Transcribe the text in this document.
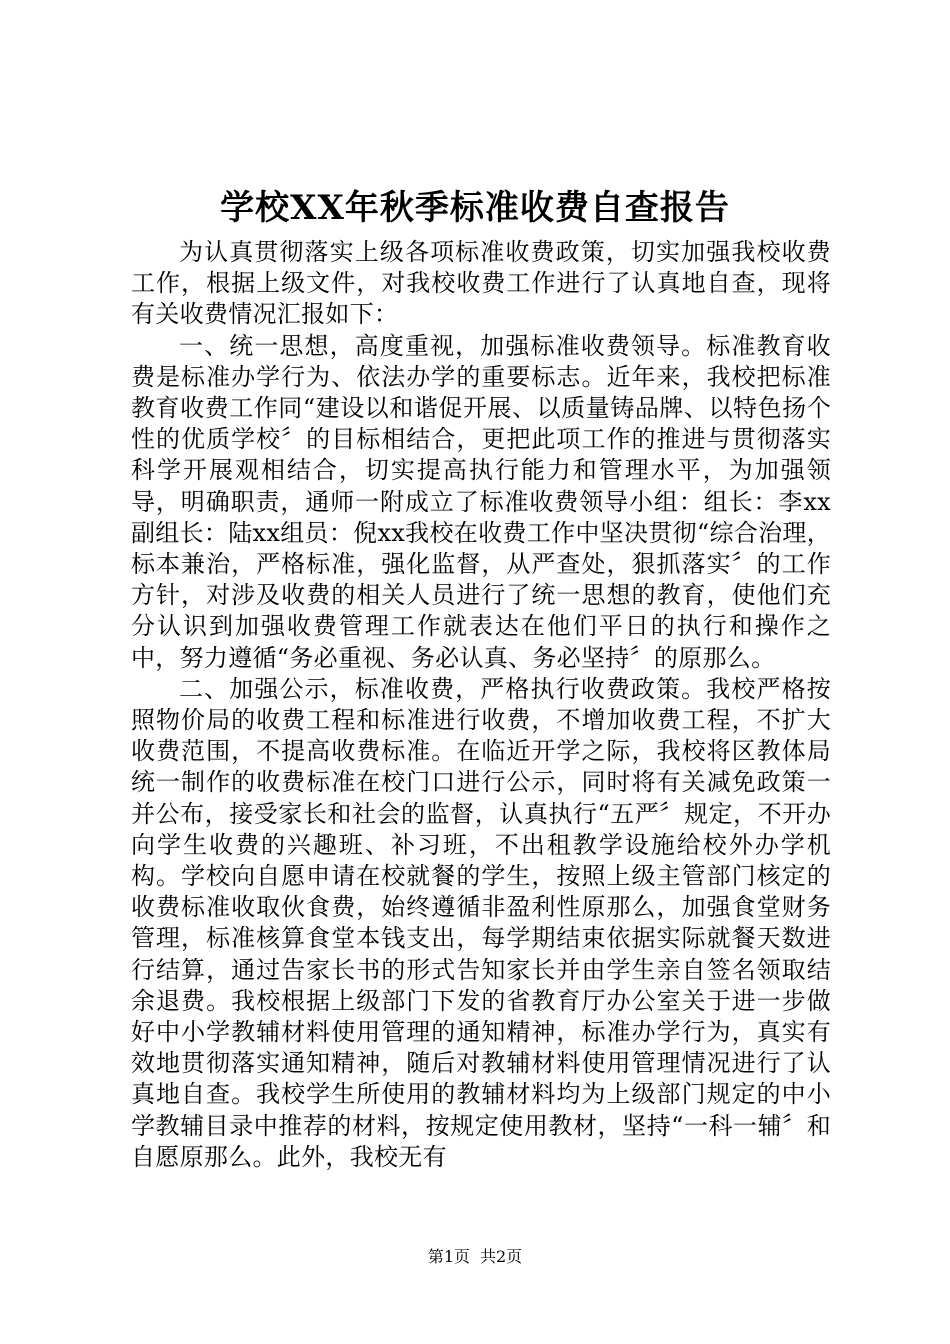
学校XX年秋季标准收费自查报告

为认真贯彻落实上级各项标准收费政策，切实加强我校收费工作，根据上级文件，对我校收费工作进行了认真地自查，现将有关收费情况汇报如下：

一、统一思想，高度重视，加强标准收费领导。标准教育收费是标准办学行为、依法办学的重要标志。近年来，我校把标准教育收费工作同“建设以和谐促开展、以质量铸品牌、以特色扬个性的优质学校〞的目标相结合，更把此项工作的推进与贯彻落实科学开展观相结合，切实提高执行能力和管理水平，为加强领导，明确职责，通师一附成立了标准收费领导小组：组长：李xx副组长：陆xx组员：倪xx我校在收费工作中坚决贯彻“综合治理，标本兼治，严格标准，强化监督，从严查处，狠抓落实〞的工作方针，对涉及收费的相关人员进行了统一思想的教育，使他们充分认识到加强收费管理工作就表达在他们平日的执行和操作之中，努力遵循“务必重视、务必认真、务必坚持〞的原那么。

二、加强公示，标准收费，严格执行收费政策。我校严格按照物价局的收费工程和标准进行收费，不增加收费工程，不扩大收费范围，不提高收费标准。在临近开学之际，我校将区教体局统一制作的收费标准在校门口进行公示，同时将有关减免政策一并公布，接受家长和社会的监督，认真执行“五严〞规定，不开办向学生收费的兴趣班、补习班，不出租教学设施给校外办学机构。学校向自愿申请在校就餐的学生，按照上级主管部门核定的收费标准收取伙食费，始终遵循非盈利性原那么，加强食堂财务管理，标准核算食堂本钱支出，每学期结束依据实际就餐天数进行结算，通过告家长书的形式告知家长并由学生亲自签名领取结余退费。我校根据上级部门下发的省教育厅办公室关于进一步做好中小学教辅材料使用管理的通知精神，标准办学行为，真实有效地贯彻落实通知精神，随后对教辅材料使用管理情况进行了认真地自查。我校学生所使用的教辅材料均为上级部门规定的中小学教辅目录中推荐的材料，按规定使用教材，坚持“一科一辅〞和自愿原那么。此外，我校无有

第1页 共2页
